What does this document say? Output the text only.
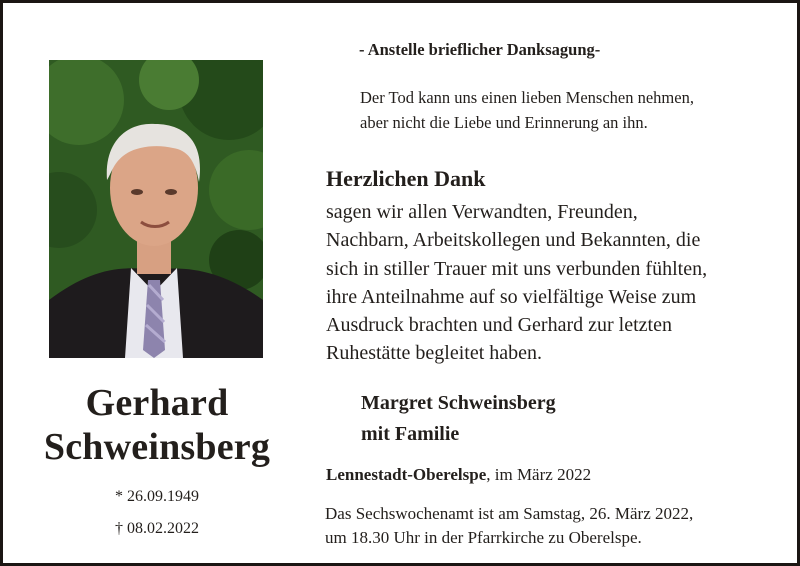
Gerhard
Schweinsberg
* 26.09.1949
† 08.02.2022
- Anstelle brieflicher Danksagung-
Der Tod kann uns einen lieben Menschen nehmen,
aber nicht die Liebe und Erinnerung an ihn.
Herzlichen Dank
sagen wir allen Verwandten, Freunden,
Nachbarn, Arbeitskollegen und Bekannten, die
sich in stiller Trauer mit uns verbunden fühlten,
ihre Anteilnahme auf so vielfältige Weise zum
Ausdruck brachten und Gerhard zur letzten
Ruhestätte begleitet haben.
Margret Schweinsberg
mit Familie
Lennestadt-Oberelspe, im März 2022
Das Sechswochenamt ist am Samstag, 26. März 2022,
um 18.30 Uhr in der Pfarrkirche zu Oberelspe.
